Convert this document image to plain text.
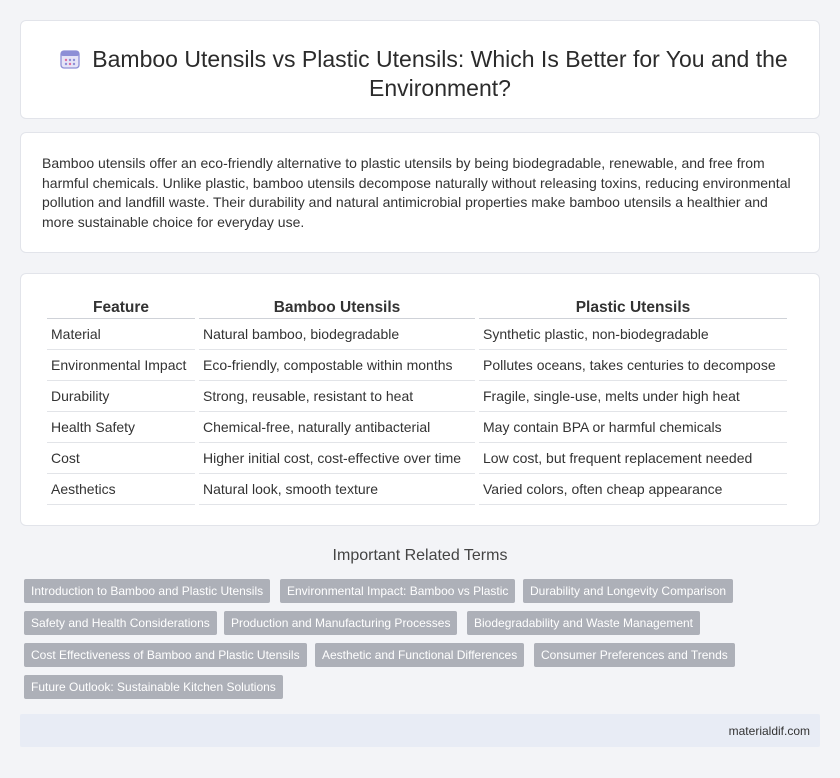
Bamboo Utensils vs Plastic Utensils: Which Is Better for You and the Environment?

Bamboo utensils offer an eco-friendly alternative to plastic utensils by being biodegradable, renewable, and free from harmful chemicals. Unlike plastic, bamboo utensils decompose naturally without releasing toxins, reducing environmental pollution and landfill waste. Their durability and natural antimicrobial properties make bamboo utensils a healthier and more sustainable choice for everyday use.

Feature	Bamboo Utensils	Plastic Utensils
Material	Natural bamboo, biodegradable	Synthetic plastic, non-biodegradable
Environmental Impact	Eco-friendly, compostable within months	Pollutes oceans, takes centuries to decompose
Durability	Strong, reusable, resistant to heat	Fragile, single-use, melts under high heat
Health Safety	Chemical-free, naturally antibacterial	May contain BPA or harmful chemicals
Cost	Higher initial cost, cost-effective over time	Low cost, but frequent replacement needed
Aesthetics	Natural look, smooth texture	Varied colors, often cheap appearance
Important Related Terms
Introduction to Bamboo and Plastic Utensils	Environmental Impact: Bamboo vs Plastic	Durability and Longevity Comparison
Safety and Health Considerations	Production and Manufacturing Processes	Biodegradability and Waste Management
Cost Effectiveness of Bamboo and Plastic Utensils	Aesthetic and Functional Differences	Consumer Preferences and Trends
Future Outlook: Sustainable Kitchen Solutions
materialdif.com
